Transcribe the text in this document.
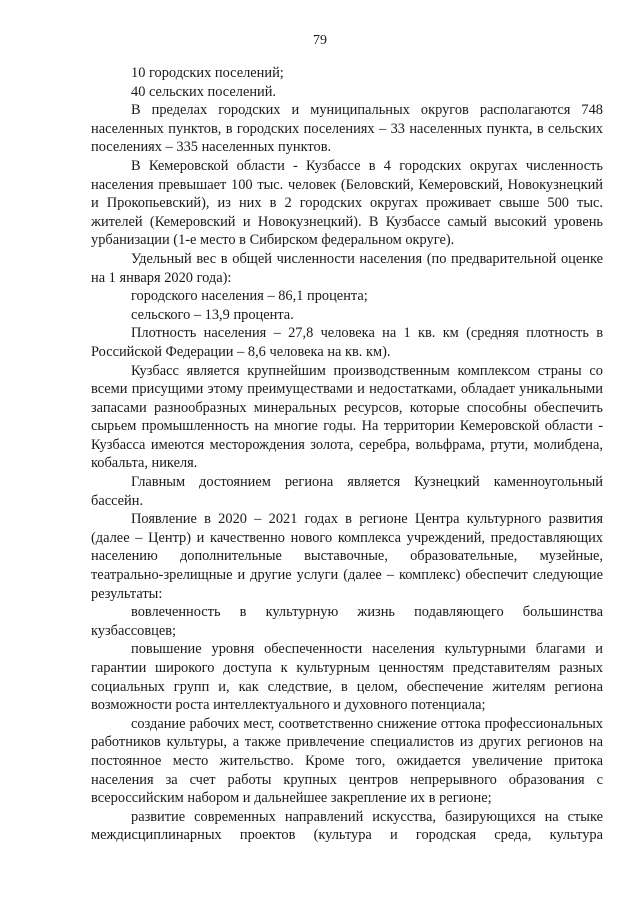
79

10 городских поселений;

40 сельских поселений.

В пределах городских и муниципальных округов располагаются 748 населенных пунктов, в городских поселениях – 33 населенных пункта, в сельских поселениях – 335 населенных пунктов.

В Кемеровской области - Кузбассе в 4 городских округах численность населения превышает 100 тыс. человек (Беловский, Кемеровский, Новокузнецкий и Прокопьевский), из них в 2 городских округах проживает свыше 500 тыс. жителей (Кемеровский и Новокузнецкий). В Кузбассе самый высокий уровень урбанизации (1-е место в Сибирском федеральном округе).

Удельный вес в общей численности населения (по предварительной оценке на 1 января 2020 года):

городского населения – 86,1 процента;

сельского – 13,9 процента.

Плотность населения – 27,8 человека на 1 кв. км (средняя плотность в Российской Федерации – 8,6 человека на кв. км).

Кузбасс является крупнейшим производственным комплексом страны со всеми присущими этому преимуществами и недостатками, обладает уникальными запасами разнообразных минеральных ресурсов, которые способны обеспечить сырьем промышленность на многие годы. На территории Кемеровской области - Кузбасса имеются месторождения золота, серебра, вольфрама, ртути, молибдена, кобальта, никеля.

Главным достоянием региона является Кузнецкий каменноугольный бассейн.

Появление в 2020 – 2021 годах в регионе Центра культурного развития (далее – Центр) и качественно нового комплекса учреждений, предоставляющих населению дополнительные выставочные, образовательные, музейные, театрально-зрелищные и другие услуги (далее – комплекс) обеспечит следующие результаты:

вовлеченность в культурную жизнь подавляющего большинства кузбассовцев;

повышение уровня обеспеченности населения культурными благами и гарантии широкого доступа к культурным ценностям представителям разных социальных групп и, как следствие, в целом, обеспечение жителям региона возможности роста интеллектуального и духовного потенциала;

создание рабочих мест, соответственно снижение оттока профессиональных работников культуры, а также привлечение специалистов из других регионов на постоянное место жительство. Кроме того, ожидается увеличение притока населения за счет работы крупных центров непрерывного образования с всероссийским набором и дальнейшее закрепление их в регионе;

развитие современных направлений искусства, базирующихся на стыке междисциплинарных проектов (культура и городская среда, культура
